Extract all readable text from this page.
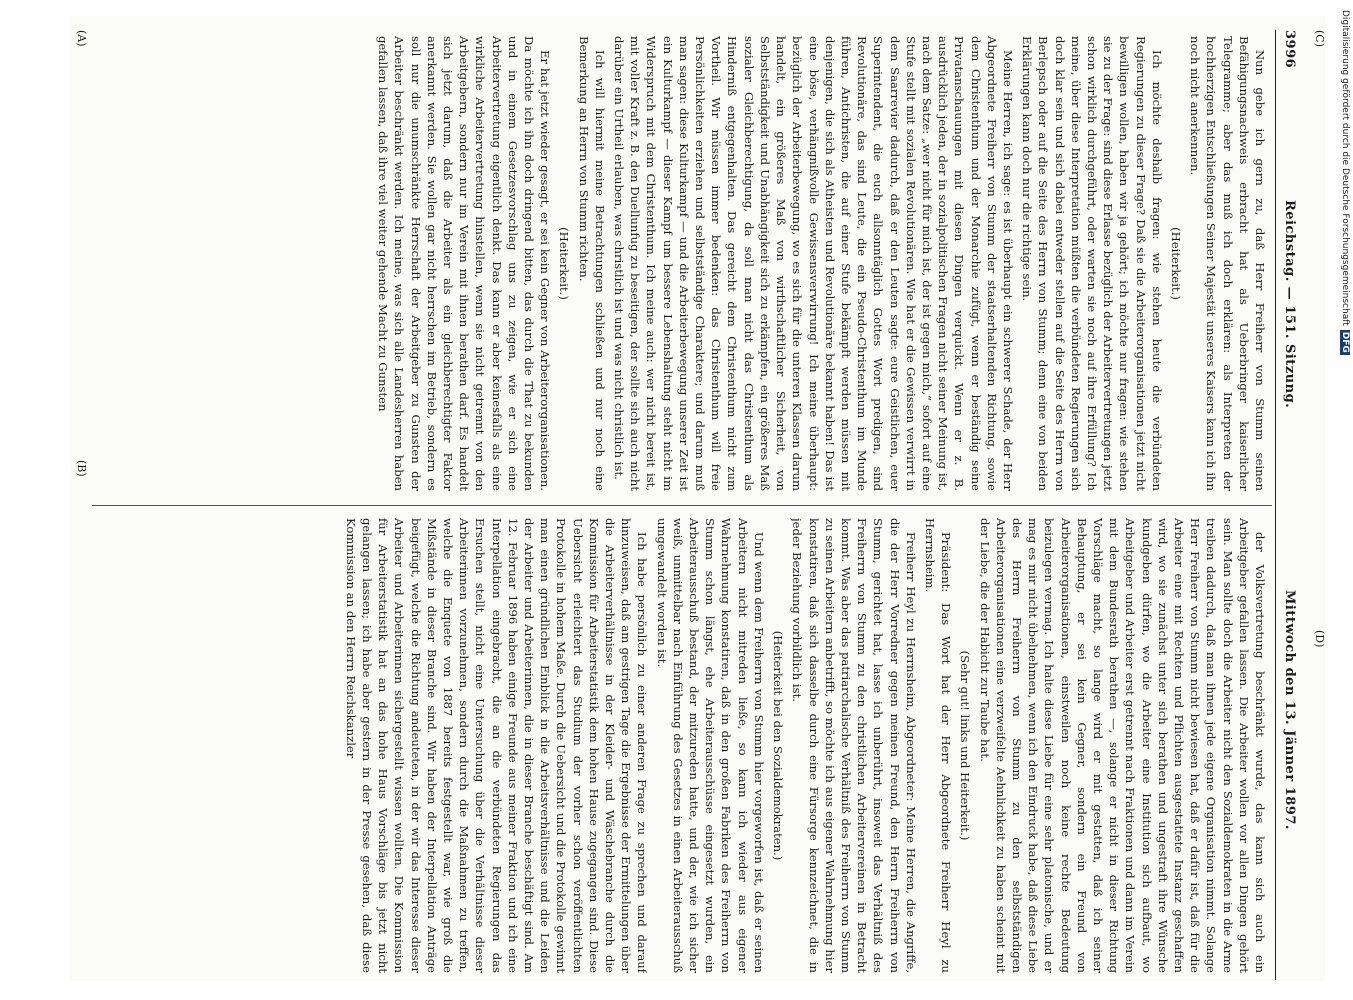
3996
Reichstag. — 151. Sitzung.
Mittwoch den 13. Jänner 1897.

Nun gebe ich gern zu, daß Herr Freiherr von Stumm seinen Befähigungsnachweis erbracht hat als Ueberbringer kaiserlicher Telegramme; aber das muß ich doch erklären: als Interpreten der hochherzigen Entschließungen Seiner Majestät unseres Kaisers kann ich ihn noch nicht anerkennen.

(Heiterkeit.)

Ich möchte deshalb fragen: wie stehen heute die verbündeten Regierungen zu dieser Frage? Daß sie die Arbeiterorganisationen jetzt nicht bewilligen wollen, haben wir ja gehört; ich möchte nur fragen: wie stehen sie zu der Frage: sind diese Erlasse bezüglich der Arbeitervertretungen jetzt schon wirklich durchgeführt, oder warten sie noch auf ihre Erfüllung? Ich meine, über diese Interpretation müßten die verbündeten Regierungen sich doch klar sein und sich dabei entweder stellen auf die Seite des Herrn von Berlepsch oder auf die Seite des Herrn von Stumm; denn eine von beiden Erklärungen kann doch nur die richtige sein.

Meine Herren, ich sage: es ist überhaupt ein schwerer Schade, der Herr Abgeordnete Freiherr von Stumm der staatserhaltenden Richtung, sowie dem Christenthum und der Monarchie zufügt, wenn er beständig seine Privatanschauungen mit diesen Dingen verquickt. Wenn er z. B. ausdrücklich jeden, der in sozialpolitischen Fragen nicht seiner Meinung ist, nach dem Satze: „wer nicht für mich ist, der ist gegen mich,“ sofort auf eine Stufe stellt mit sozialen Revolutionären. Wie hat er die Gewissen verwirrt in dem Saarrevier dadurch, daß er den Leuten sagte: eure Geistlichen, euer Superintendent, die euch allsonntäglich Gottes Wort predigen, sind Revolutionäre, das sind Leute, die ein Pseudo-Christenthum im Munde führen, Antichristen, die auf einer Stufe bekämpft werden müssen mit denjenigen, die sich als Atheisten und Revolutionäre bekannt haben! Das ist eine böse, verhängnißvolle Gewissensverwirrung! Ich meine überhaupt: bezüglich der Arbeiterbewegung, wo es sich für die unteren Klassen darum handelt, ein größeres Maß von wirthschaftlicher Sicherheit, von Selbstständigkeit und Unabhängigkeit sich zu erkämpfen, ein größeres Maß sozialer Gleichberechtigung, da soll man nicht das Christenthum als Hinderniß entgegenhalten. Das gereicht dem Christenthum nicht zum Vortheil. Wir müssen immer bedenken: das Christenthum will freie Persönlichkeiten erziehen und selbstständige Charaktere; und darum muß man sagen: diese Kulturkampf — und die Arbeiterbewegung unserer Zeit ist ein Kulturkampf — dieser Kampf um bessere Lebenshaltung steht nicht im Widerspruch mit dem Christenthum. Ich meine auch: wer nicht bereit ist, mit voller Kraft z. B. den Duellunfug zu beseitigen, der sollte sich auch nicht darüber ein Urtheil erlauben, was christlich ist und was nicht christlich ist.

Ich will hiermit meine Betrachtungen schließen und nur noch eine Bemerkung an Herrn von Stumm richten.

(Heiterkeit.)

Er hat jetzt wieder gesagt, er sei kein Gegner von Arbeiterorganisationen. Da möchte ich ihn doch dringend bitten, das durch die That zu bekunden und in einem Gesetzesvorschlag uns zu zeigen, wie er sich eine Arbeitervertretung eigentlich denkt. Das kann er aber keinesfalls als eine wirkliche Arbeitervertretung hinstellen, wenn sie nicht getrennt von den Arbeitgebern, sondern nur im Verein mit ihnen berathen darf. Es handelt sich jetzt darum, daß die Arbeiter als ein gleichberechtigter Faktor anerkannt werden. Sie wollen gar nicht herrschen im Betrieb, sondern es soll nur die unumschränkte Herrschaft der Arbeitgeber zu Gunsten der Arbeiter beschränkt werden. Ich meine, was sich alle Landesherren haben gefallen lassen, daß ihre viel weiter gehende Macht zu Gunsten

der Volksvertretung beschränkt wurde, das kann sich auch ein Arbeitgeber gefallen lassen. Die Arbeiter wollen vor allen Dingen gehört sein. Man sollte doch die Arbeiter nicht den Sozialdemokraten in die Arme treiben dadurch, daß man ihnen jede eigene Organisation nimmt. Solange Herr Freiherr von Stumm nicht bewiesen hat, daß er dafür ist, daß für die Arbeiter eine mit Rechten und Pflichten ausgestattete Instanz geschaffen wird, wo sie zunächst unter sich berathen und ungestraft ihre Wünsche kundgeben dürfen, wo die Arbeiter eine Institution sich aufbaut, wo Arbeitgeber und Arbeiter erst getrennt nach Fraktionen und dann im Verein mit dem Bundesrath berathen —, solange er nicht in dieser Richtung Vorschläge macht, so lange wird er mit gestatten, daß ich seiner Behauptung, er sei kein Gegner, sondern ein Freund von Arbeiterorganisationen, einstweilen noch keine rechte Bedeutung beizulegen vermag. Ich halte diese Liebe für eine sehr platonische, und er mag es mir nicht übelnehmen, wenn ich den Eindruck habe, daß diese Liebe des Herrn Freiherrn von Stumm zu den selbstständigen Arbeiterorganisationen eine verzweifelte Aehnlichkeit zu haben scheint mit der Liebe, die der Habicht zur Taube hat.

(Sehr gut! links und Heiterkeit.)

Präsident: Das Wort hat der Herr Abgeordnete Freiherr Heyl zu Herrnsheim.

Freiherr Heyl zu Herrnsheim, Abgeordneter: Meine Herren, die Angriffe, die der Herr Vorredner gegen meinen Freund, den Herrn Freiherrn von Stumm, gerichtet hat, lasse ich unberührt, insoweit das Verhältniß des Freiherrn von Stumm zu den christlichen Arbeitervereinen in Betracht kommt. Was aber das patriarchalische Verhältniß des Freiherrn von Stumm zu seinen Arbeitern anbetrifft, so möchte ich aus eigener Wahrnehmung hier konstatiren, daß sich dasselbe durch eine Fürsorge kennzeichnet, die in jeder Beziehung vorbildlich ist.

(Heiterkeit bei den Sozialdemokraten.)

Und wenn dem Freiherrn von Stumm hier vorgeworfen ist, daß er seinen Arbeitern nicht mitreden ließe, so kann ich wieder aus eigener Wahrnehmung konstatiren, daß in den großen Fabriken des Freiherrn von Stumm schon längst, ehe Arbeiterausschüsse eingesetzt wurden, ein Arbeiterausschuß bestand, der mitzureden hatte, und der, wie ich sicher weiß, unmittelbar nach Einführung des Gesetzes in einen Arbeiterausschuß umgewandelt worden ist.

Ich habe persönlich zu einer anderen Frage zu sprechen und darauf hinzuweisen, daß am gestrigen Tage die Ergebnisse der Ermittelungen über die Arbeiterverhältnisse in der Kleider- und Wäschebranche durch die Kommission für Arbeiterstatistik dem hohen Hause zugegangen sind. Diese Uebersicht erleichtert das Studium der vorher schon veröffentlichten Protokolle in hohem Maße. Durch die Uebersicht und die Protokolle gewinnt man einen gründlichen Einblick in die Arbeitsverhältnisse und die Leiden der Arbeiter und Arbeiterinnen, die in dieser Branche beschäftigt sind. Am 12. Februar 1896 haben einige Freunde aus meiner Fraktion und ich eine Interpellation eingebracht, die an die verbündeten Regierungen das Ersuchen stellt, nicht eine Untersuchung über die Verhältnisse dieser Arbeiterinnen vorzunehmen, sondern durch die Maßnahmen zu treffen, welche die Enquete von 1887 bereits festgestellt war, wie groß die Mißstände in dieser Branche sind. Wir haben der Interpellation Anträge beigefügt, welche die Richtung andeuteten, in der wir das Interesse dieser Arbeiter und Arbeiterinnen sichergestellt wissen wollten. Die Kommission für Arbeiterstatistik hat an das hohe Haus Vorschläge bis jetzt nicht gelangen lassen; ich habe aber gestern in der Presse gesehen, daß diese Kommission an den Herrn Reichskanzler

(A)
(B)
(C)
(D)
Digitalisierung gefördert durch die Deutsche ForschungsgemeinschaftDFG
